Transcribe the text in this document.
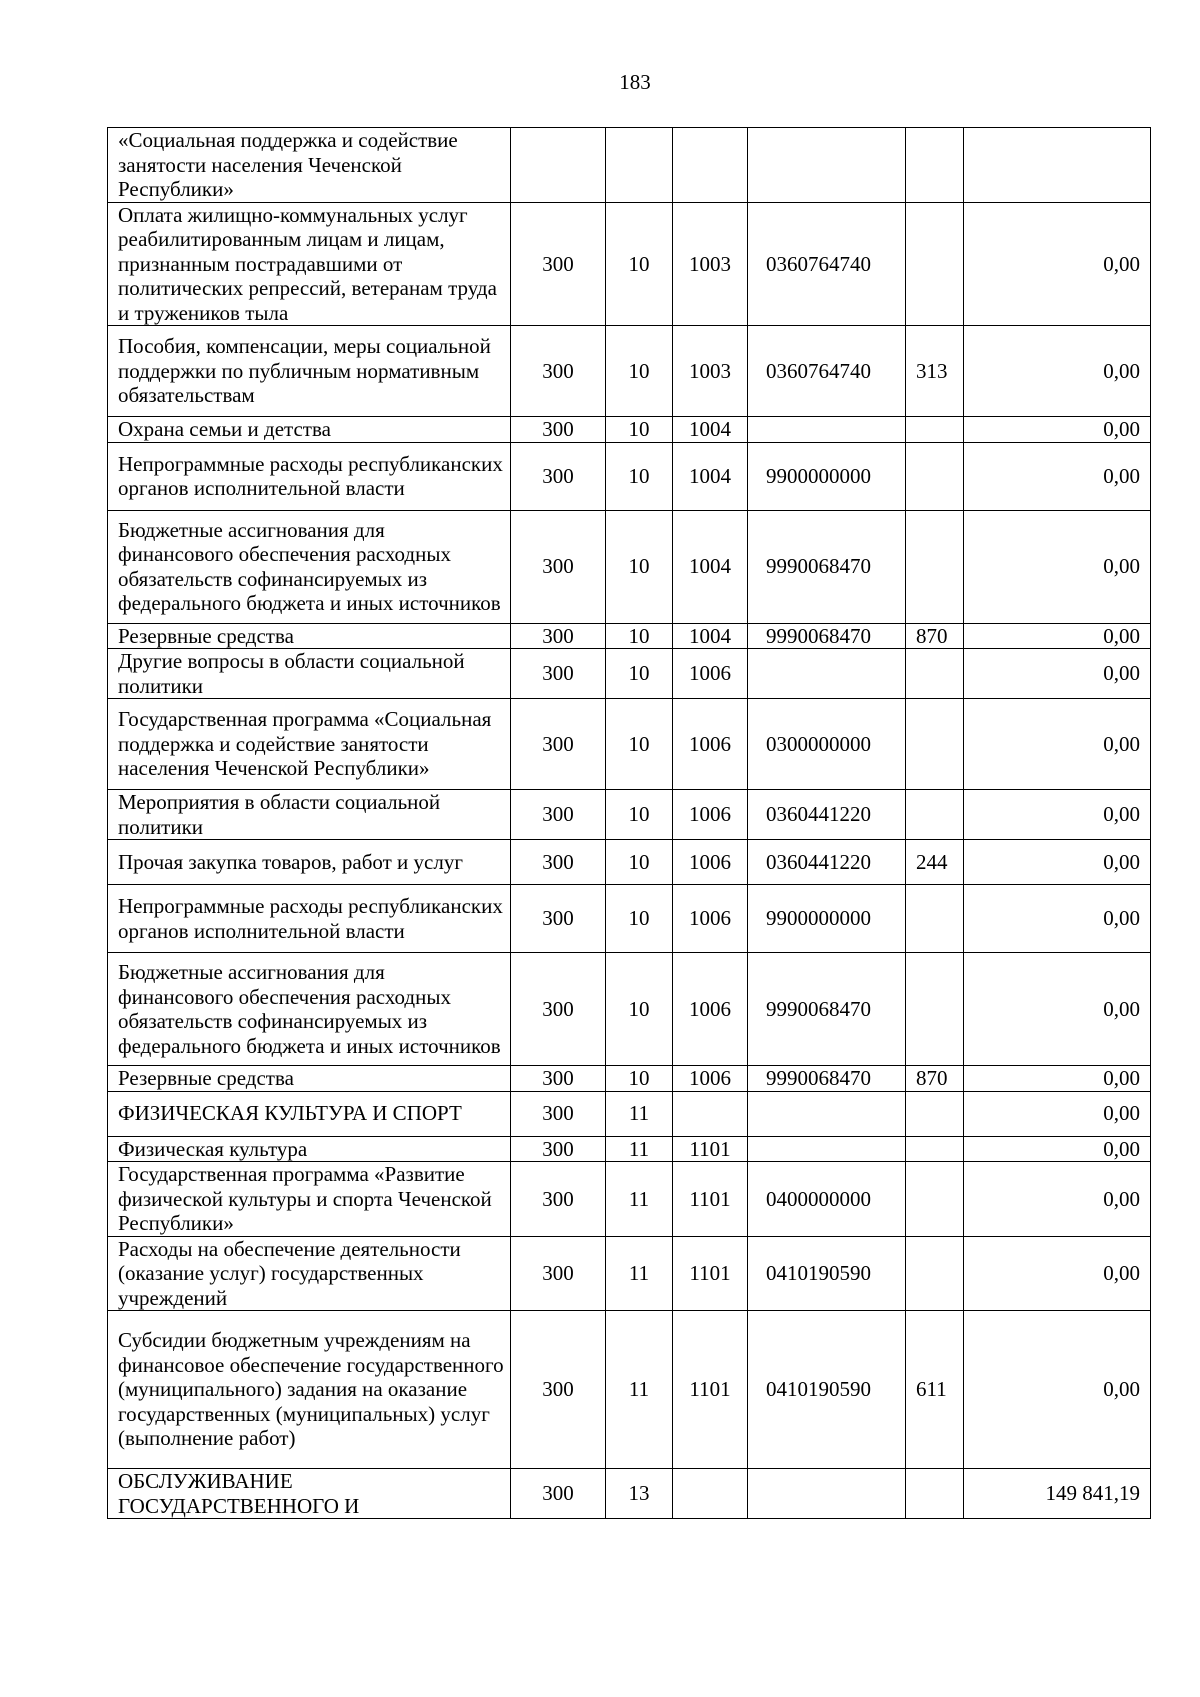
183
«Социальная поддержка и содействие занятости населения Чеченской Республики»						
Оплата жилищно-коммунальных услуг реабилитированным лицам и лицам, признанным пострадавшими от политических репрессий, ветеранам труда и тружеников тыла	300	10	1003	0360764740		0,00
Пособия, компенсации, меры социальной поддержки по публичным нормативным обязательствам	300	10	1003	0360764740	313	0,00
Охрана семьи и детства	300	10	1004			0,00
Непрограммные расходы республиканских органов исполнительной власти	300	10	1004	9900000000		0,00
Бюджетные ассигнования для финансового обеспечения расходных обязательств софинансируемых из федерального бюджета и иных источников	300	10	1004	9990068470		0,00
Резервные средства	300	10	1004	9990068470	870	0,00
Другие вопросы в области социальной политики	300	10	1006			0,00
Государственная программа «Социальная поддержка и содействие занятости населения Чеченской Республики»	300	10	1006	0300000000		0,00
Мероприятия в области социальной политики	300	10	1006	0360441220		0,00
Прочая закупка товаров, работ и услуг	300	10	1006	0360441220	244	0,00
Непрограммные расходы республиканских органов исполнительной власти	300	10	1006	9900000000		0,00
Бюджетные ассигнования для финансового обеспечения расходных обязательств софинансируемых из федерального бюджета и иных источников	300	10	1006	9990068470		0,00
Резервные средства	300	10	1006	9990068470	870	0,00
ФИЗИЧЕСКАЯ КУЛЬТУРА И СПОРТ	300	11				0,00
Физическая культура	300	11	1101			0,00
Государственная программа «Развитие физической культуры и спорта Чеченской Республики»	300	11	1101	0400000000		0,00
Расходы на обеспечение деятельности (оказание услуг) государственных учреждений	300	11	1101	0410190590		0,00
Субсидии бюджетным учреждениям на финансовое обеспечение государственного (муниципального) задания на оказание государственных (муниципальных) услуг (выполнение работ)	300	11	1101	0410190590	611	0,00
ОБСЛУЖИВАНИЕ ГОСУДАРСТВЕННОГО И	300	13				149 841,19
